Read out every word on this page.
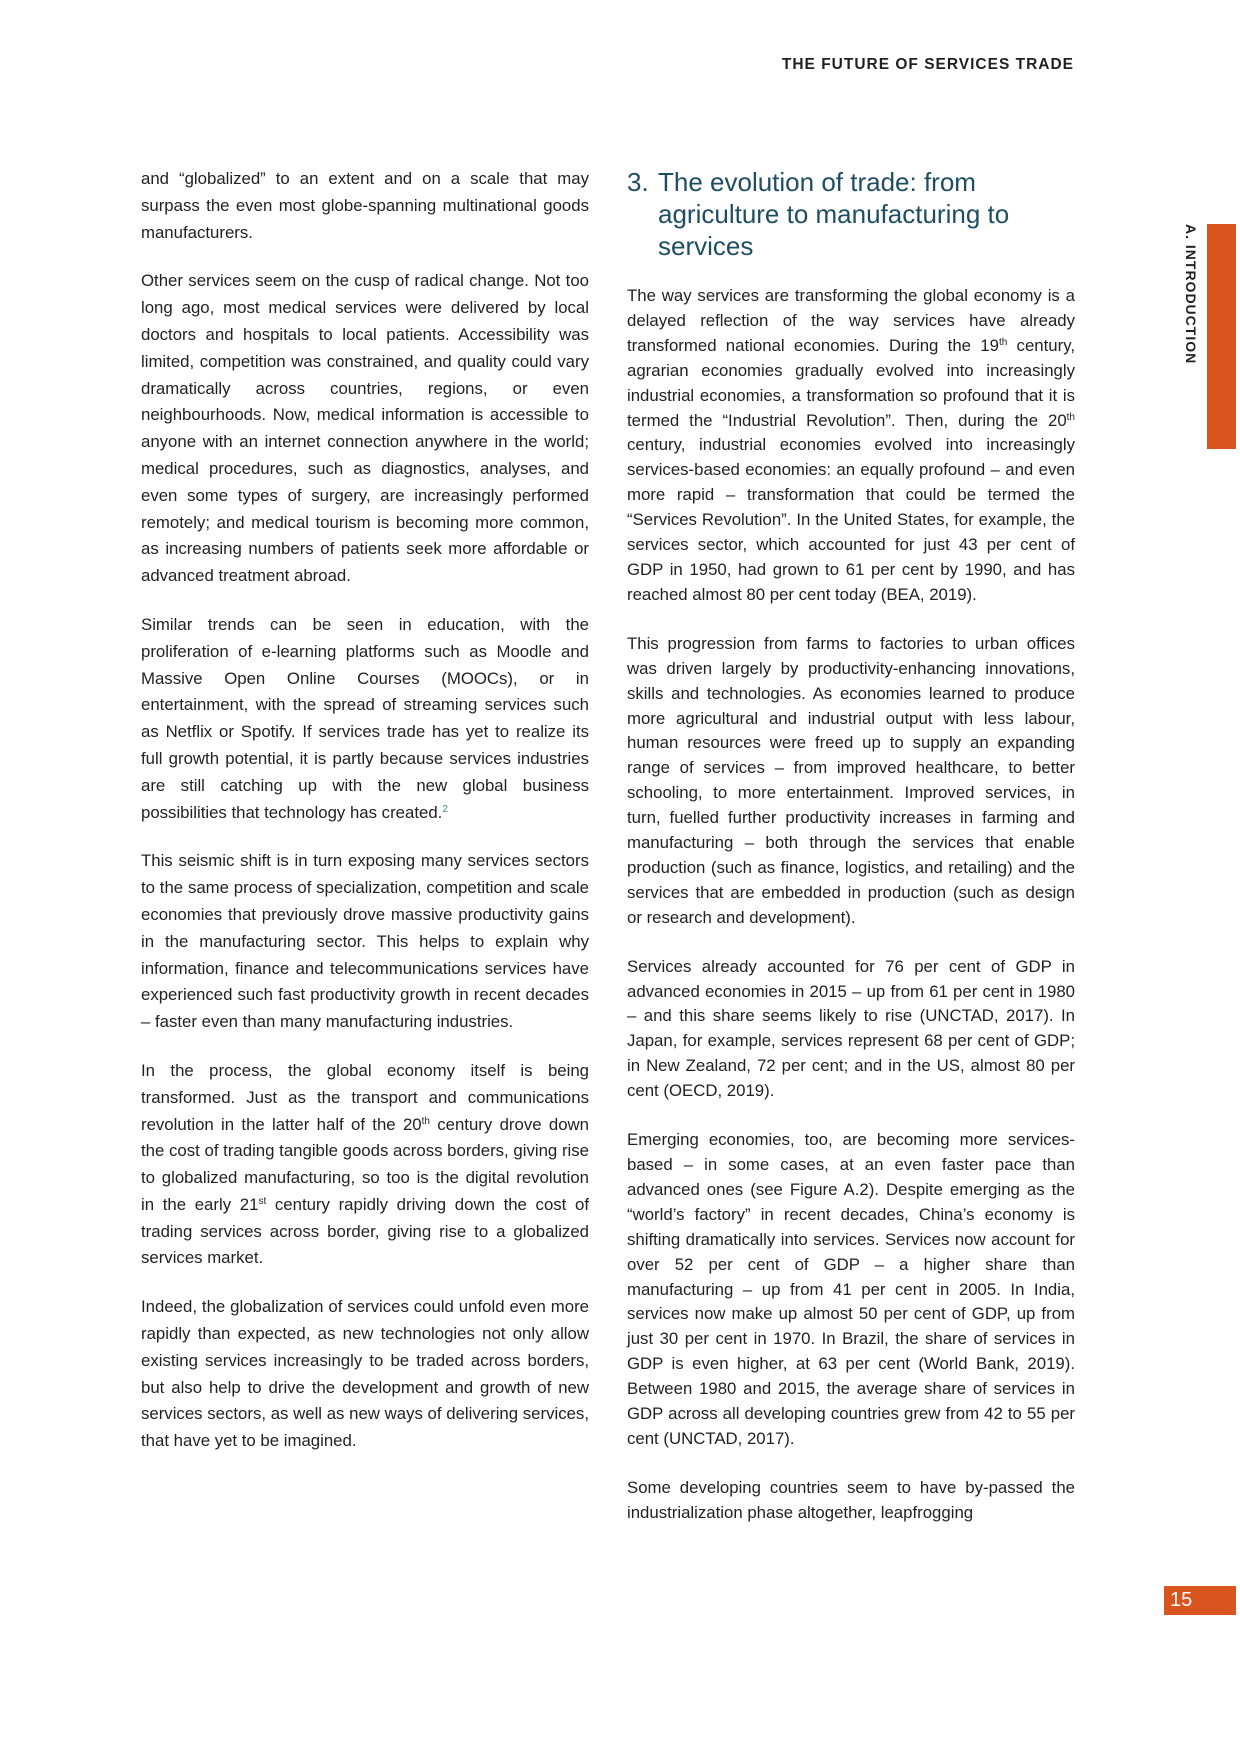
THE FUTURE OF SERVICES TRADE
A. INTRODUCTION

and “globalized” to an extent and on a scale that may surpass the even most globe-spanning multinational goods manufacturers.

Other services seem on the cusp of radical change. Not too long ago, most medical services were delivered by local doctors and hospitals to local patients. Accessibility was limited, competition was constrained, and quality could vary dramatically across countries, regions, or even neighbourhoods. Now, medical information is accessible to anyone with an internet connection anywhere in the world; medical procedures, such as diagnostics, analyses, and even some types of surgery, are increasingly performed remotely; and medical tourism is becoming more common, as increasing numbers of patients seek more affordable or advanced treatment abroad.

Similar trends can be seen in education, with the proliferation of e-learning platforms such as Moodle and Massive Open Online Courses (MOOCs), or in entertainment, with the spread of streaming services such as Netflix or Spotify. If services trade has yet to realize its full growth potential, it is partly because services industries are still catching up with the new global business possibilities that technology has created.$^2$

This seismic shift is in turn exposing many services sectors to the same process of specialization, competition and scale economies that previously drove massive productivity gains in the manufacturing sector. This helps to explain why information, finance and telecommunications services have experienced such fast productivity growth in recent decades – faster even than many manufacturing industries.

In the process, the global economy itself is being transformed. Just as the transport and communications revolution in the latter half of the 20th century drove down the cost of trading tangible goods across borders, giving rise to globalized manufacturing, so too is the digital revolution in the early 21st century rapidly driving down the cost of trading services across border, giving rise to a globalized services market.

Indeed, the globalization of services could unfold even more rapidly than expected, as new technologies not only allow existing services increasingly to be traded across borders, but also help to drive the development and growth of new services sectors, as well as new ways of delivering services, that have yet to be imagined.

3. The evolution of trade: from agriculture to manufacturing to services

The way services are transforming the global economy is a delayed reflection of the way services have already transformed national economies. During the 19th century, agrarian economies gradually evolved into increasingly industrial economies, a transformation so profound that it is termed the “Industrial Revolution”. Then, during the 20th century, industrial economies evolved into increasingly services-based economies: an equally profound – and even more rapid – transformation that could be termed the “Services Revolution”. In the United States, for example, the services sector, which accounted for just 43 per cent of GDP in 1950, had grown to 61 per cent by 1990, and has reached almost 80 per cent today (BEA, 2019).

This progression from farms to factories to urban offices was driven largely by productivity-enhancing innovations, skills and technologies. As economies learned to produce more agricultural and industrial output with less labour, human resources were freed up to supply an expanding range of services – from improved healthcare, to better schooling, to more entertainment. Improved services, in turn, fuelled further productivity increases in farming and manufacturing – both through the services that enable production (such as finance, logistics, and retailing) and the services that are embedded in production (such as design or research and development).

Services already accounted for 76 per cent of GDP in advanced economies in 2015 – up from 61 per cent in 1980 – and this share seems likely to rise (UNCTAD, 2017). In Japan, for example, services represent 68 per cent of GDP; in New Zealand, 72 per cent; and in the US, almost 80 per cent (OECD, 2019).

Emerging economies, too, are becoming more services-based – in some cases, at an even faster pace than advanced ones (see Figure A.2). Despite emerging as the “world’s factory” in recent decades, China’s economy is shifting dramatically into services. Services now account for over 52 per cent of GDP – a higher share than manufacturing – up from 41 per cent in 2005. In India, services now make up almost 50 per cent of GDP, up from just 30 per cent in 1970. In Brazil, the share of services in GDP is even higher, at 63 per cent (World Bank, 2019). Between 1980 and 2015, the average share of services in GDP across all developing countries grew from 42 to 55 per cent (UNCTAD, 2017).

Some developing countries seem to have by-passed the industrialization phase altogether, leapfrogging

15
